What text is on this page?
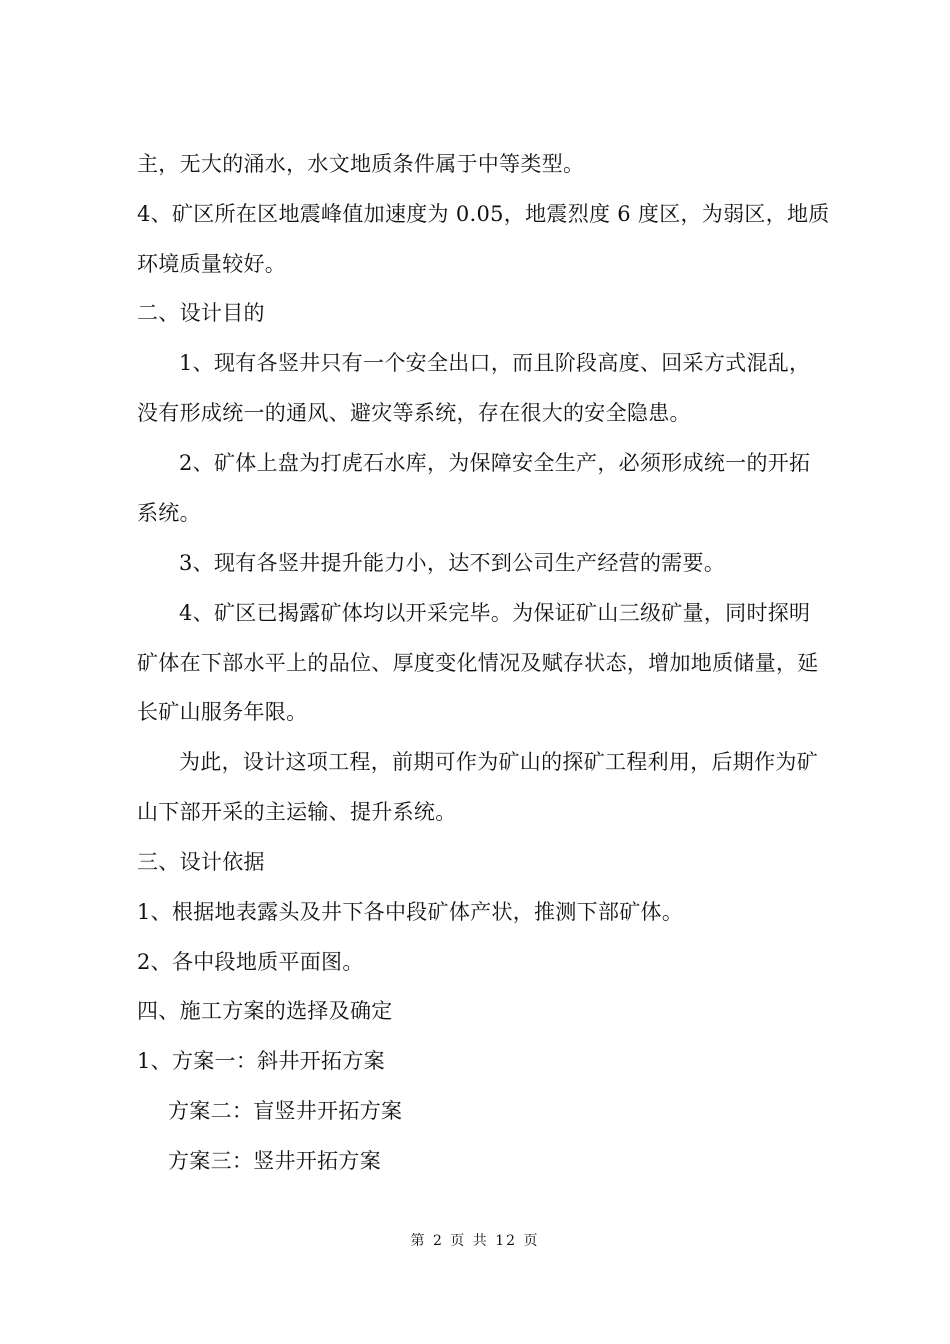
主，无大的涌水，水文地质条件属于中等类型。
4、矿区所在区地震峰值加速度为 0.05，地震烈度 6 度区，为弱区，地质
环境质量较好。
二、设计目的
1、现有各竖井只有一个安全出口，而且阶段高度、回采方式混乱，
没有形成统一的通风、避灾等系统，存在很大的安全隐患。
2、矿体上盘为打虎石水库，为保障安全生产，必须形成统一的开拓
系统。
3、现有各竖井提升能力小，达不到公司生产经营的需要。
4、矿区已揭露矿体均以开采完毕。为保证矿山三级矿量，同时探明
矿体在下部水平上的品位、厚度变化情况及赋存状态，增加地质储量，延
长矿山服务年限。
为此，设计这项工程，前期可作为矿山的探矿工程利用，后期作为矿
山下部开采的主运输、提升系统。
三、设计依据
1、根据地表露头及井下各中段矿体产状，推测下部矿体。
2、各中段地质平面图。
四、施工方案的选择及确定
1、方案一：斜井开拓方案
方案二：盲竖井开拓方案
方案三：竖井开拓方案
第 2 页 共 12 页
